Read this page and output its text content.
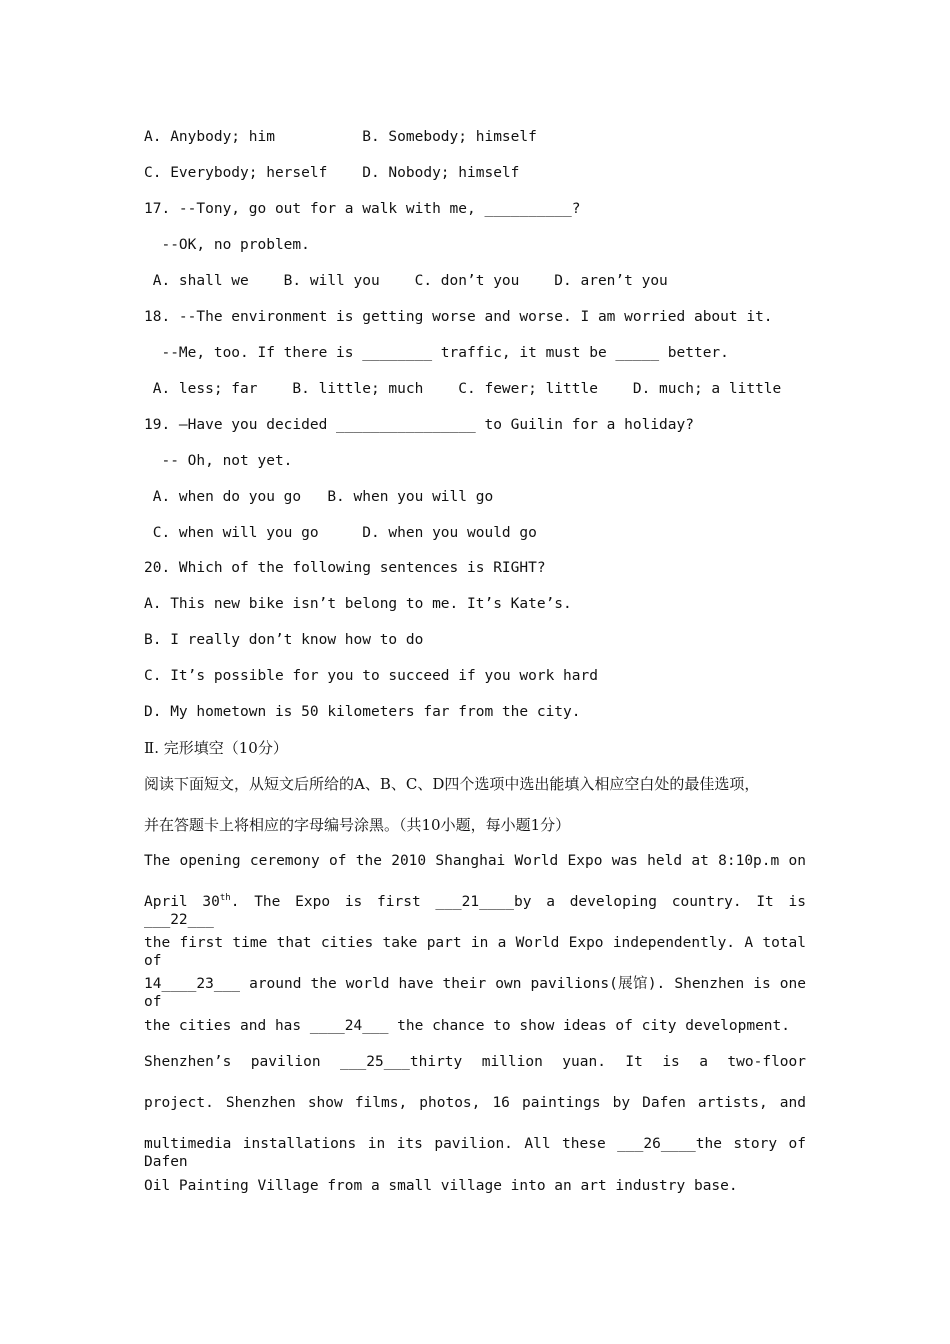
A. Anybody; him          B. Somebody; himself
C. Everybody; herself    D. Nobody; himself
17. --Tony, go out for a walk with me, __________?
--OK, no problem.
A. shall we    B. will you    C. don’t you    D. aren’t you
18. --The environment is getting worse and worse. I am worried about it.
--Me, too. If there is ________ traffic, it must be _____ better.
A. less; far    B. little; much    C. fewer; little    D. much; a little
19. –Have you decided ________________ to Guilin for a holiday?
-- Oh, not yet.
A. when do you go   B. when you will go
C. when will you go     D. when you would go
20. Which of the following sentences is RIGHT?
A. This new bike isn’t belong to me. It’s Kate’s.
B. I really don’t know how to do
C. It’s possible for you to succeed if you work hard
D. My hometown is 50 kilometers far from the city.
Ⅱ. 完形填空（10分）
阅读下面短文，从短文后所给的A、B、C、D四个选项中选出能填入相应空白处的最佳选项，
并在答题卡上将相应的字母编号涂黑。（共10小题，每小题1分）
The opening ceremony of the 2010 Shanghai World Expo was held at 8:10p.m on
April 30th. The Expo is first ___21____by a developing country. It is ___22___
the first time that cities take part in a World Expo independently. A total of
14____23___ around the world have their own pavilions(展馆). Shenzhen is one of
the cities and has ____24___ the chance to show ideas of city development.
Shenzhen’s pavilion ___25___thirty million yuan. It is a two-floor
project. Shenzhen show films, photos, 16 paintings by Dafen artists, and
multimedia installations in its pavilion. All these ___26____the story of Dafen
Oil Painting Village from a small village into an art industry base.
